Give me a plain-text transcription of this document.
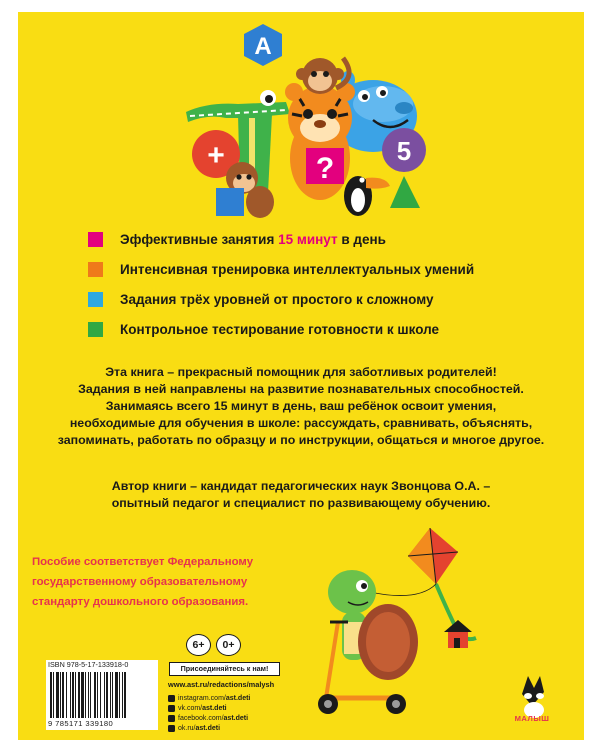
A
+	?
5
Эффективные занятия 15 минут в день
Интенсивная тренировка интеллектуальных умений
Задания трёх уровней от простого к сложному
Контрольное тестирование готовности к школе

Эта книга – прекрасный помощник для заботливых родителей!

Задания в ней направлены на развитие познавательных способностей.

Занимаясь всего 15 минут в день, ваш ребёнок освоит умения,

необходимые для обучения в школе: рассуждать, сравнивать, объяснять,

запоминать, работать по образцу и по инструкции, общаться и многое другое.

Автор книги – кандидат педагогических наук Звонцова О.А. –

опытный педагог и специалист по развивающему обучению.

Пособие соответствует Федеральному
государственному образовательному
стандарту дошкольного образования.
6+	0+
ISBN 978-5-17-133918-0
9 785171 339180
Присоединяйтесь к нам!
www.ast.ru/redactions/malysh
instagram.com/ ast.deti
vk.com/ ast.deti
facebook.com/ ast.deti
ok.ru/ ast.deti
МАЛЫШ
